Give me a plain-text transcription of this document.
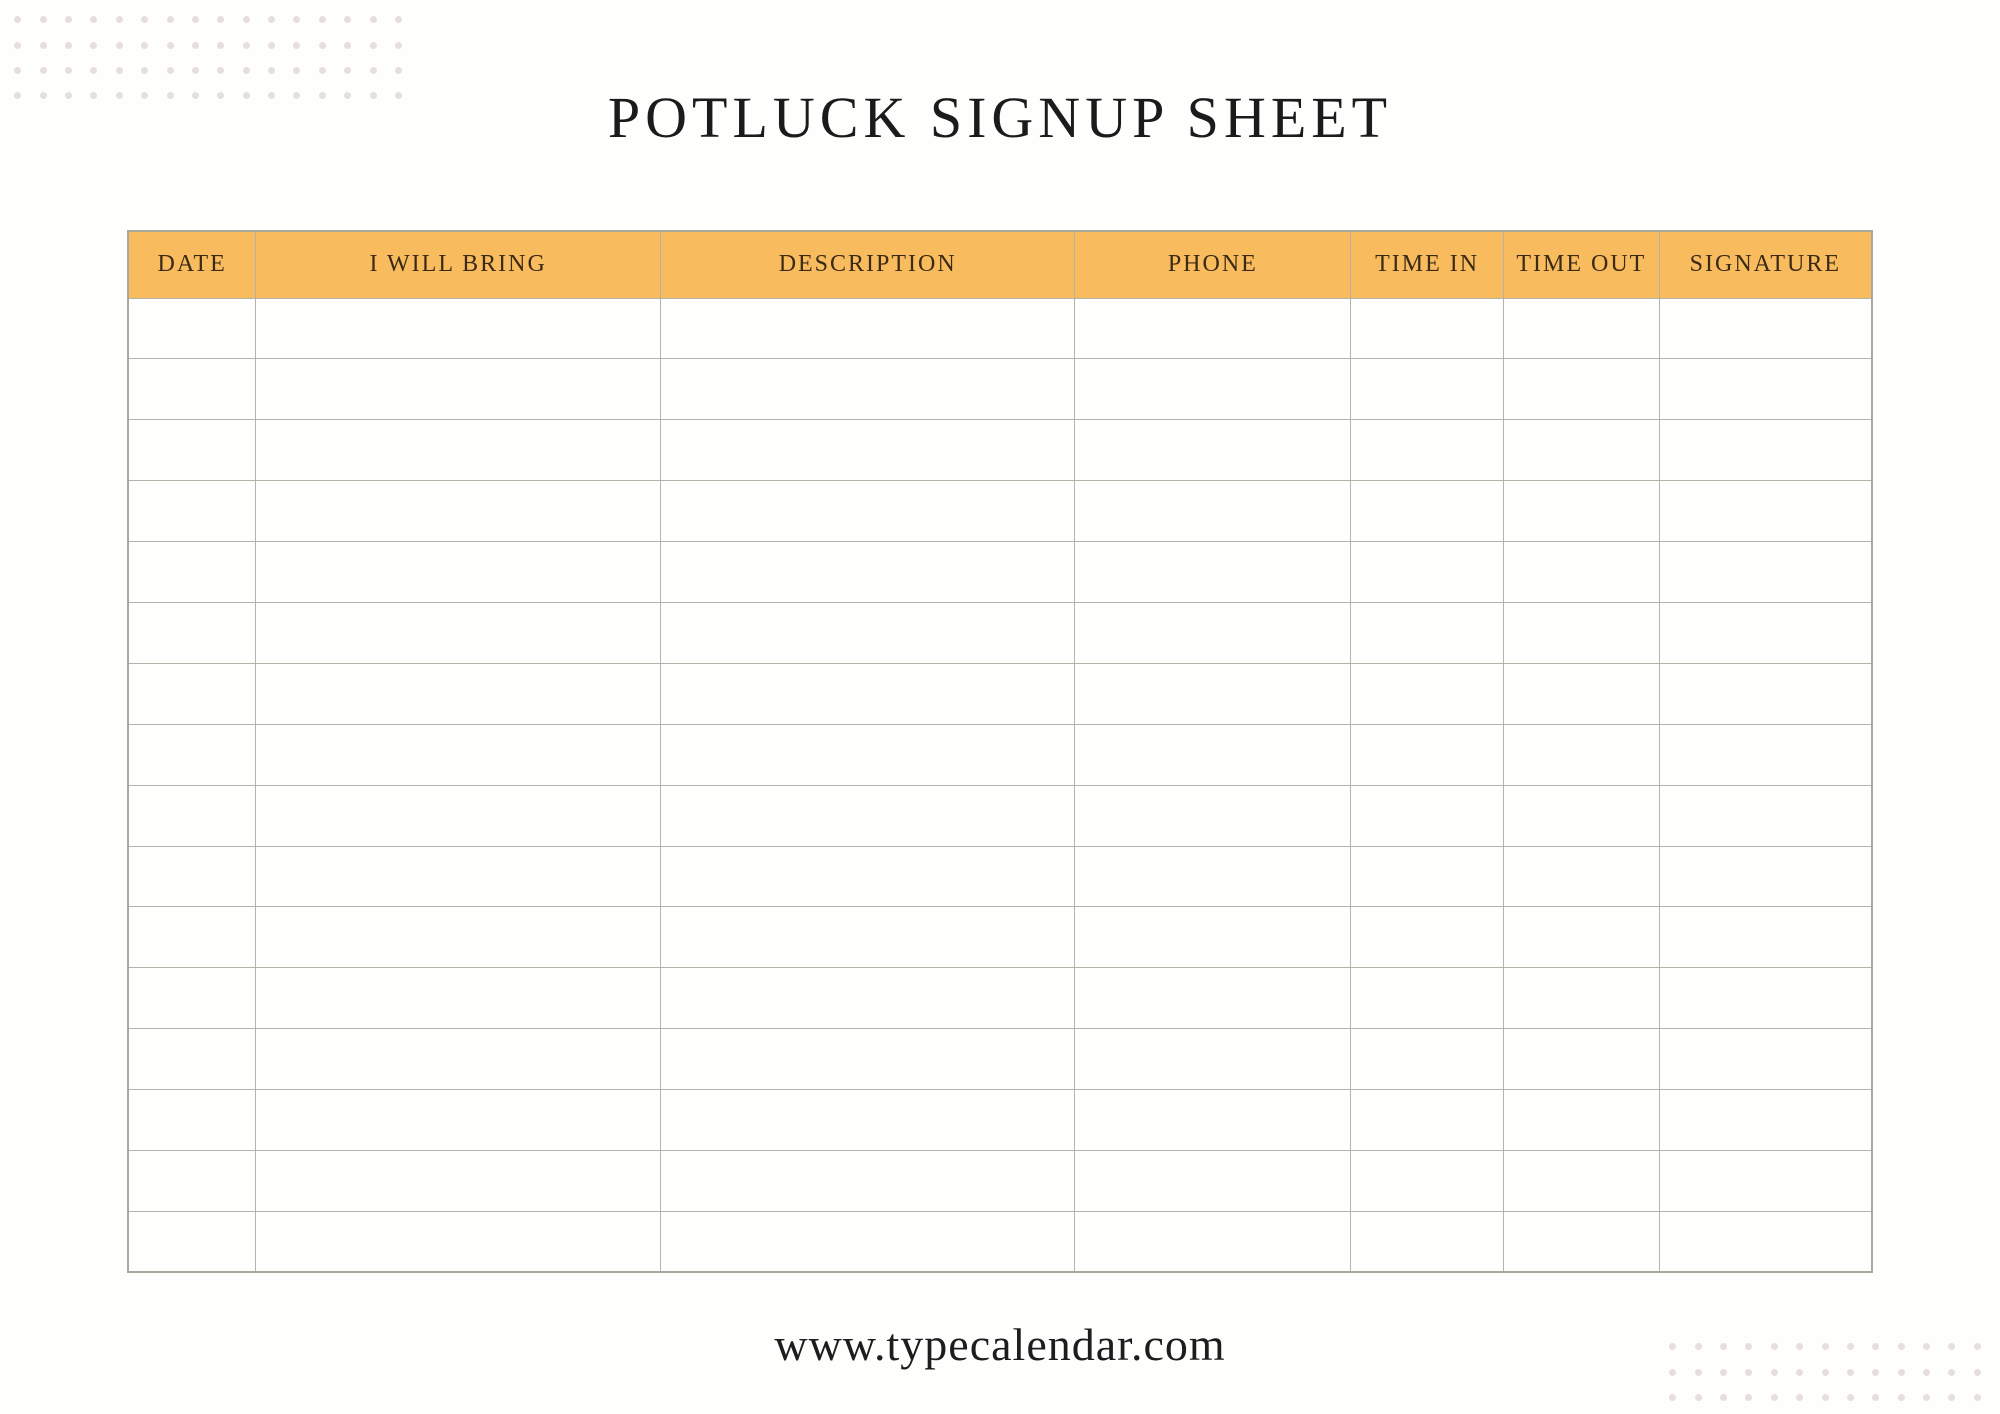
POTLUCK SIGNUP SHEET
DATE	I WILL BRING	DESCRIPTION	PHONE	TIME IN	TIME OUT	SIGNATURE

www.typecalendar.com
